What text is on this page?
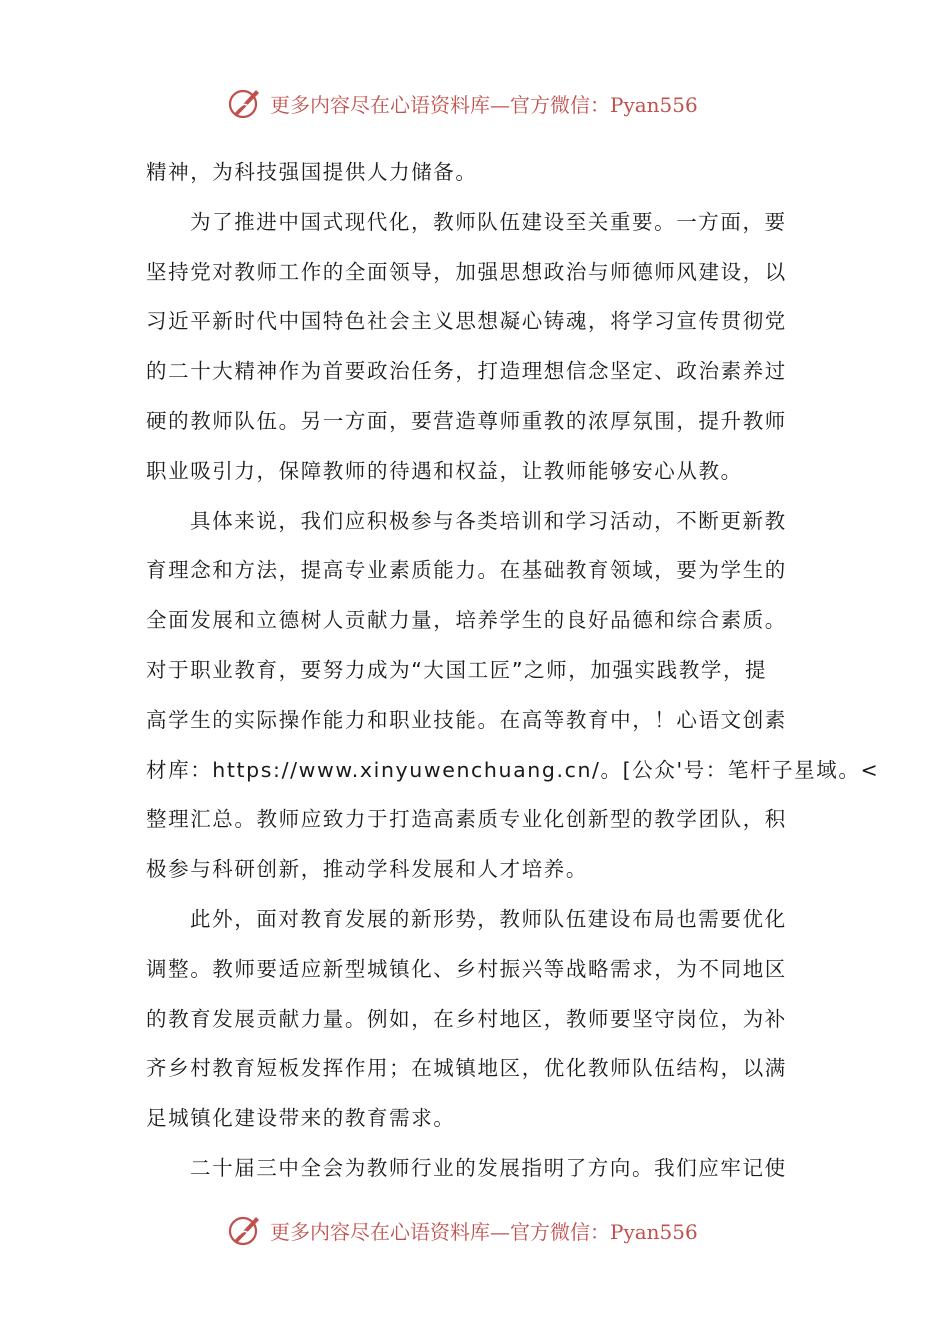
更多内容尽在心语资料库—官方微信：Pyan556
精神，为科技强国提供人力储备。
为了推进中国式现代化，教师队伍建设至关重要。一方面，要
坚持党对教师工作的全面领导，加强思想政治与师德师风建设，以
习近平新时代中国特色社会主义思想凝心铸魂，将学习宣传贯彻党
的二十大精神作为首要政治任务，打造理想信念坚定、政治素养过
硬的教师队伍。另一方面，要营造尊师重教的浓厚氛围，提升教师
职业吸引力，保障教师的待遇和权益，让教师能够安心从教。
具体来说，我们应积极参与各类培训和学习活动，不断更新教
育理念和方法，提高专业素质能力。在基础教育领域，要为学生的
全面发展和立德树人贡献力量，培养学生的良好品德和综合素质。
对于职业教育，要努力成为“大国工匠”之师，加强实践教学，提
高学生的实际操作能力和职业技能。在高等教育中，！心语文创素
材库：https://www.xinyuwenchuang.cn/。[公众'号：笔杆子星域。<
整理汇总。教师应致力于打造高素质专业化创新型的教学团队，积
极参与科研创新，推动学科发展和人才培养。
此外，面对教育发展的新形势，教师队伍建设布局也需要优化
调整。教师要适应新型城镇化、乡村振兴等战略需求，为不同地区
的教育发展贡献力量。例如，在乡村地区，教师要坚守岗位，为补
齐乡村教育短板发挥作用；在城镇地区，优化教师队伍结构，以满
足城镇化建设带来的教育需求。
二十届三中全会为教师行业的发展指明了方向。我们应牢记使
更多内容尽在心语资料库—官方微信：Pyan556
